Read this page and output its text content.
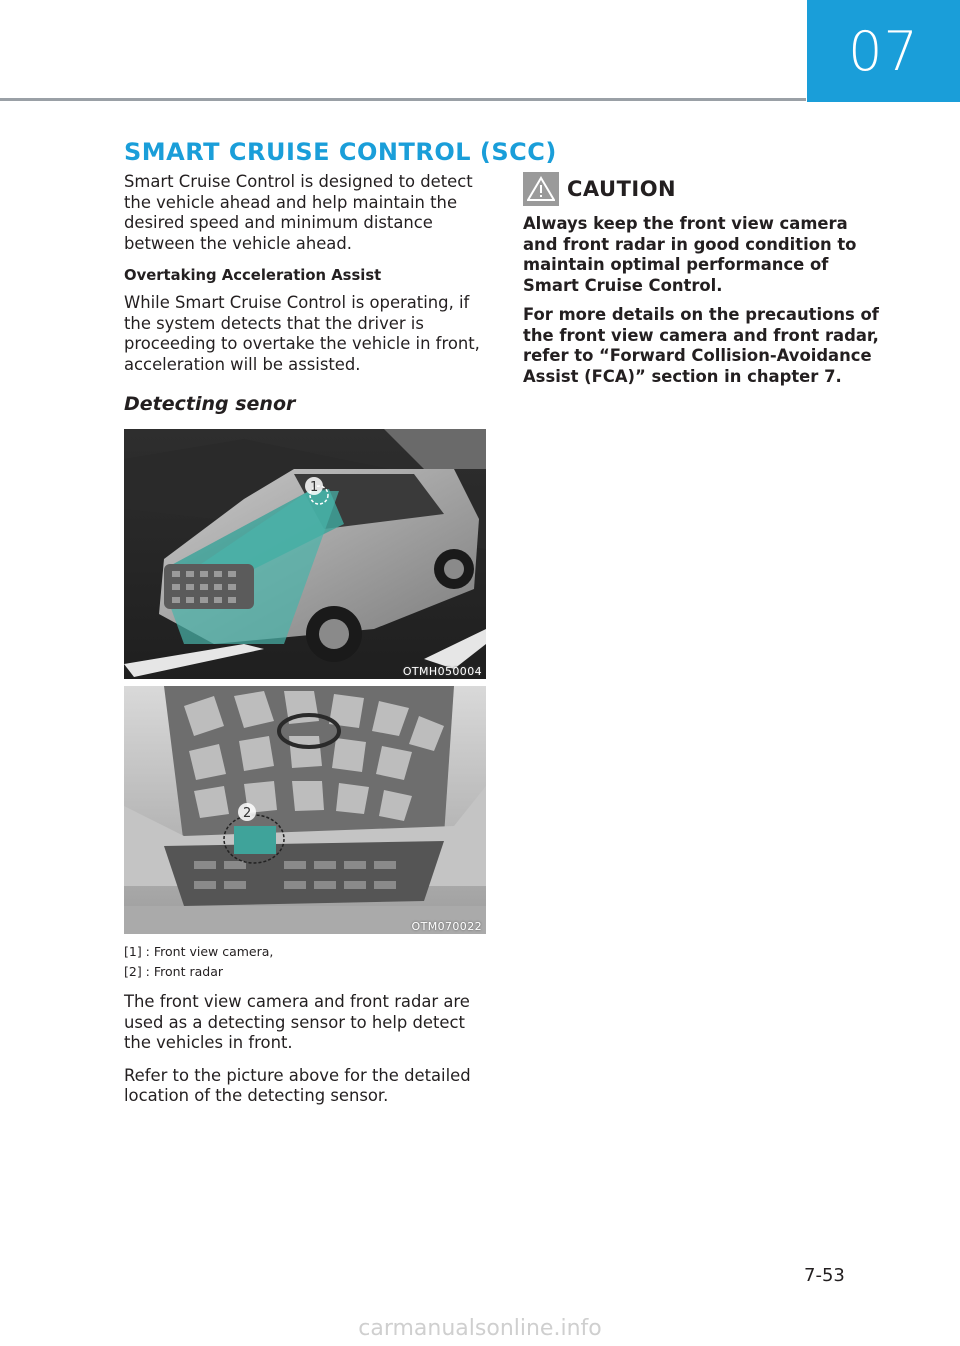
07
SMART CRUISE CONTROL (SCC)

Smart Cruise Control is designed to detect the vehicle ahead and help maintain the desired speed and minimum distance between the vehicle ahead.

Overtaking Acceleration Assist

While Smart Cruise Control is operating, if the system detects that the driver is proceeding to overtake the vehicle in front, acceleration will be assisted.

Detecting senor
1
OTMH050004
2
OTM070022
[1] : Front view camera,
[2] : Front radar

The front view camera and front radar are used as a detecting sensor to help detect the vehicles in front.

Refer to the picture above for the detailed location of the detecting sensor.

CAUTION

Always keep the front view camera and front radar in good condition to maintain optimal performance of Smart Cruise Control.

For more details on the precautions of the front view camera and front radar, refer to “Forward Collision-Avoidance Assist (FCA)” section in chapter 7.

7-53
carmanualsonline.info
